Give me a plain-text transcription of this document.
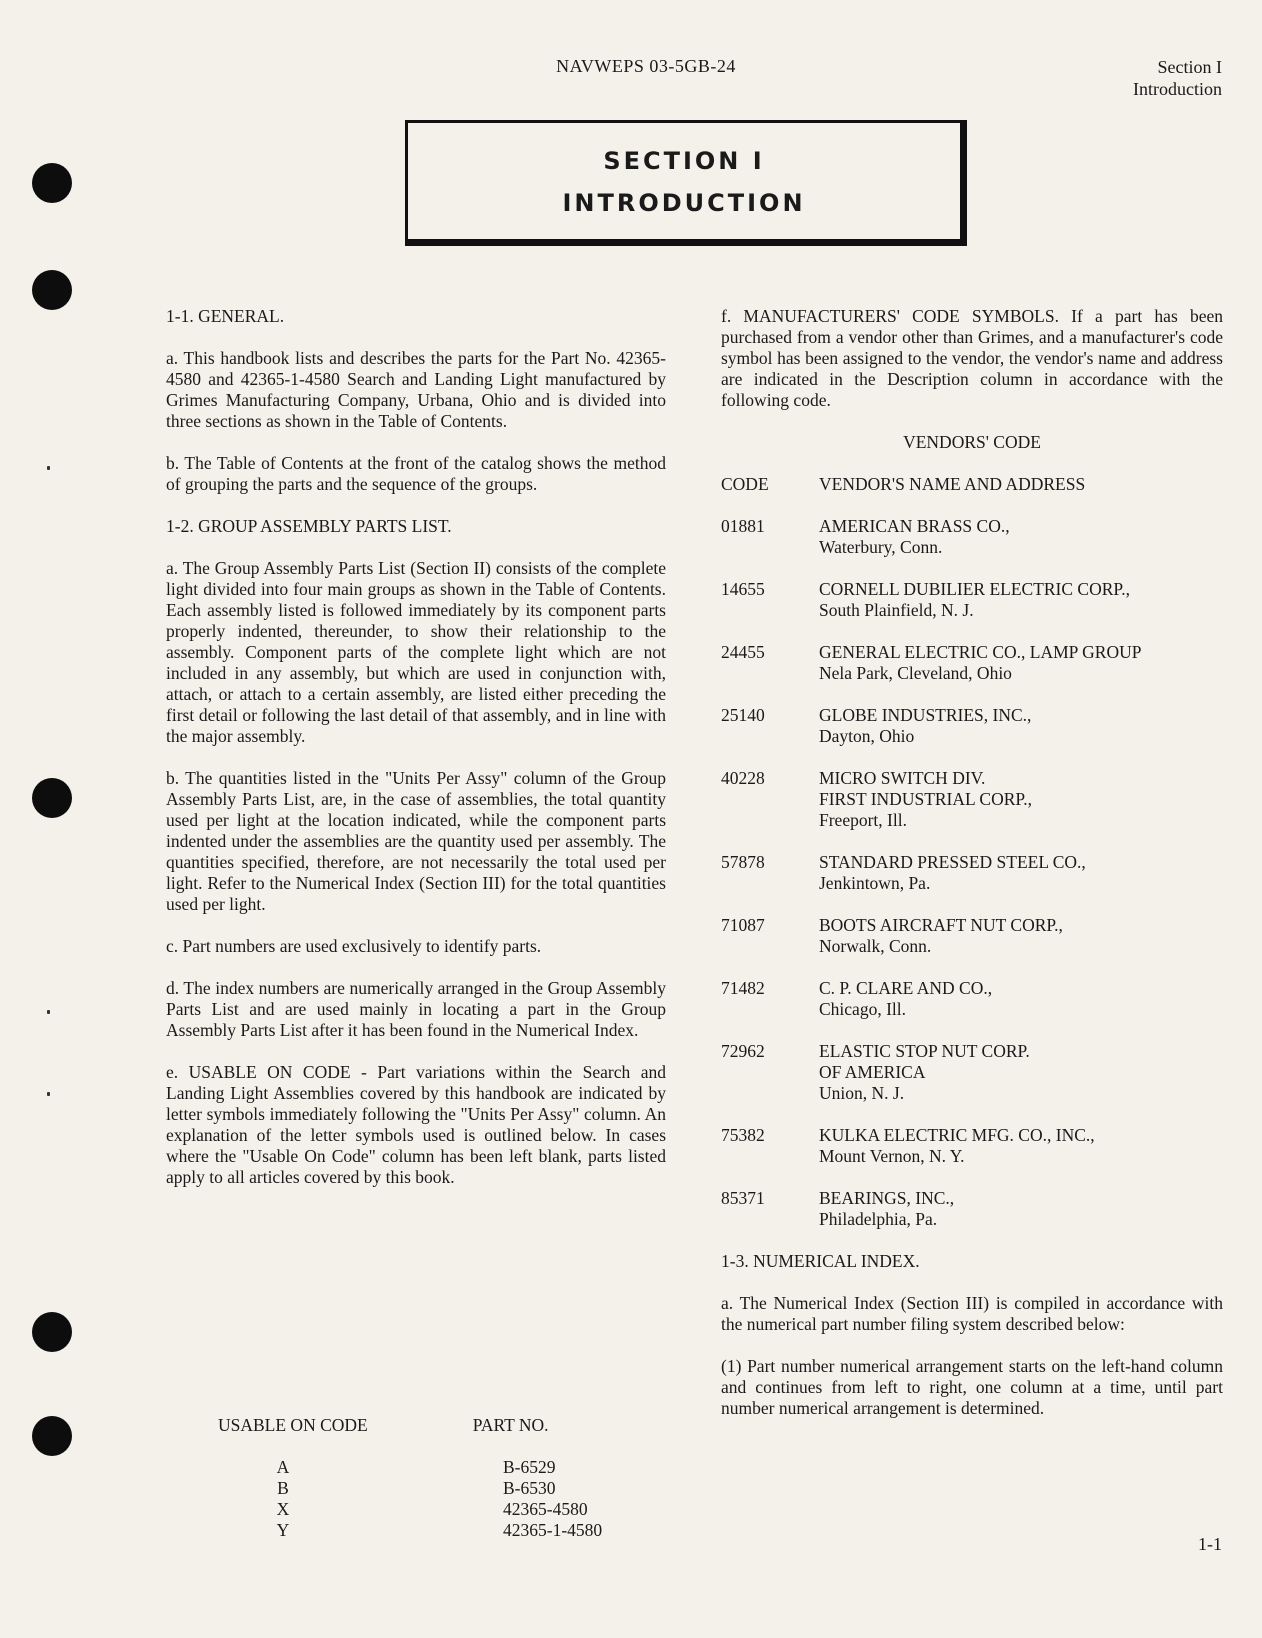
NAVWEPS 03-5GB-24	Section I
Introduction
SECTION I
INTRODUCTION

1-1. GENERAL.

a. This handbook lists and describes the parts for the Part No. 42365-4580 and 42365-1-4580 Search and Landing Light manufactured by Grimes Manufacturing Company, Urbana, Ohio and is divided into three sections as shown in the Table of Contents.

b. The Table of Contents at the front of the catalog shows the method of grouping the parts and the sequence of the groups.

1-2. GROUP ASSEMBLY PARTS LIST.

a. The Group Assembly Parts List (Section II) consists of the complete light divided into four main groups as shown in the Table of Contents. Each assembly listed is followed immediately by its component parts properly indented, thereunder, to show their relationship to the assembly. Component parts of the complete light which are not included in any assembly, but which are used in conjunction with, attach, or attach to a certain assembly, are listed either preceding the first detail or following the last detail of that assembly, and in line with the major assembly.

b. The quantities listed in the "Units Per Assy" column of the Group Assembly Parts List, are, in the case of assemblies, the total quantity used per light at the location indicated, while the component parts indented under the assemblies are the quantity used per assembly. The quantities specified, therefore, are not necessarily the total used per light. Refer to the Numerical Index (Section III) for the total quantities used per light.

c. Part numbers are used exclusively to identify parts.

d. The index numbers are numerically arranged in the Group Assembly Parts List and are used mainly in locating a part in the Group Assembly Parts List after it has been found in the Numerical Index.

e. USABLE ON CODE - Part variations within the Search and Landing Light Assemblies covered by this handbook are indicated by letter symbols immediately following the "Units Per Assy" column. An explanation of the letter symbols used is outlined below. In cases where the "Usable On Code" column has been left blank, parts listed apply to all articles covered by this book.

USABLE ON CODE	PART NO.
A	B-6529
B	B-6530
X	42365-4580
Y	42365-1-4580

f. MANUFACTURERS' CODE SYMBOLS. If a part has been purchased from a vendor other than Grimes, and a manufacturer's code symbol has been assigned to the vendor, the vendor's name and address are indicated in the Description column in accordance with the following code.

VENDORS' CODE

CODE	VENDOR'S NAME AND ADDRESS
01881	AMERICAN BRASS CO.,
Waterbury, Conn.
14655	CORNELL DUBILIER ELECTRIC CORP.,
South Plainfield, N. J.
24455	GENERAL ELECTRIC CO., LAMP GROUP
Nela Park, Cleveland, Ohio
25140	GLOBE INDUSTRIES, INC.,
Dayton, Ohio
40228	MICRO SWITCH DIV.
FIRST INDUSTRIAL CORP.,
Freeport, Ill.
57878	STANDARD PRESSED STEEL CO.,
Jenkintown, Pa.
71087	BOOTS AIRCRAFT NUT CORP.,
Norwalk, Conn.
71482	C. P. CLARE AND CO.,
Chicago, Ill.
72962	ELASTIC STOP NUT CORP.
OF AMERICA
Union, N. J.
75382	KULKA ELECTRIC MFG. CO., INC.,
Mount Vernon, N. Y.
85371	BEARINGS, INC.,
Philadelphia, Pa.

1-3. NUMERICAL INDEX.

a. The Numerical Index (Section III) is compiled in accordance with the numerical part number filing system described below:

(1) Part number numerical arrangement starts on the left-hand column and continues from left to right, one column at a time, until part number numerical arrangement is determined.

1-1
